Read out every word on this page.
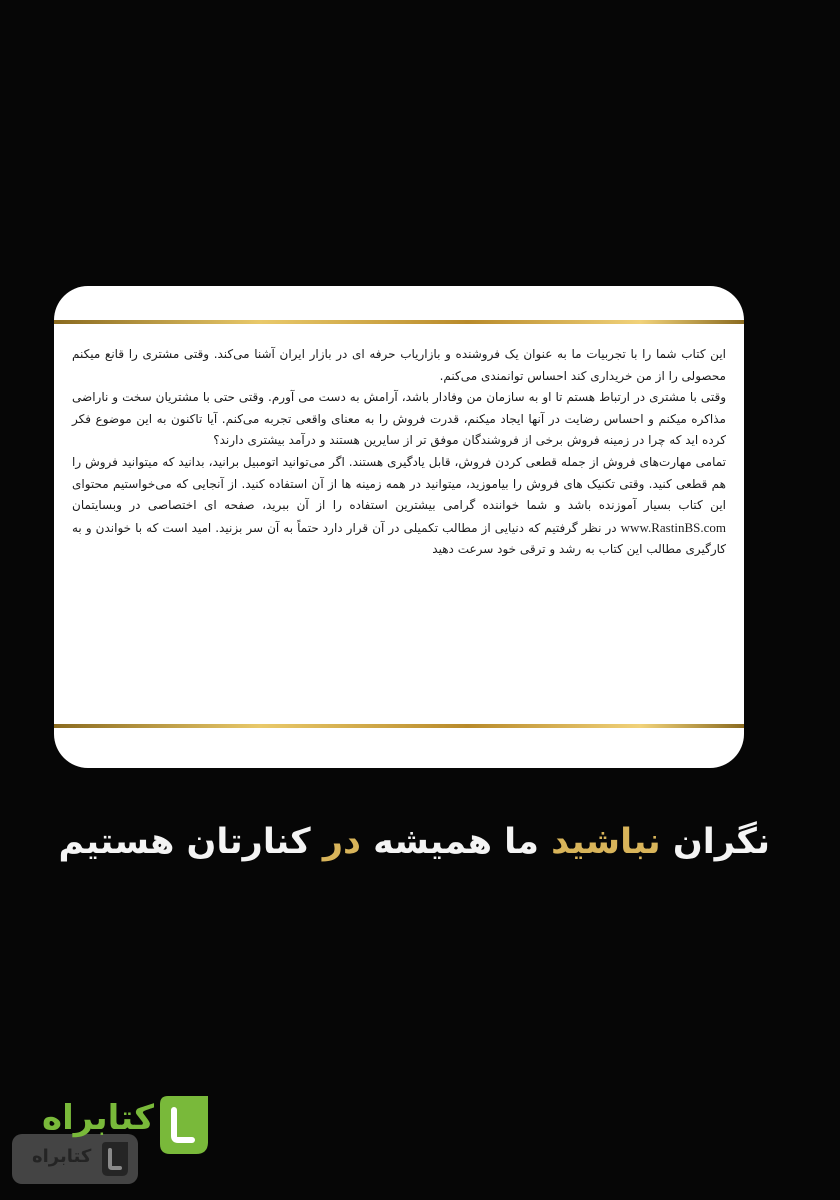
این کتاب شما را با تجربیات ما به عنوان یک فروشنده و بازاریاب حرفه ای در بازار ایران آشنا می‌کند. وقتی مشتری را قانع میکنم محصولی را از من خریداری کند احساس توانمندی می‌کنم.

وقتی با مشتری در ارتباط هستم تا او به سازمان من وفادار باشد، آرامش به دست می آورم. وقتی حتی با مشتریان سخت و ناراضی مذاکره میکنم و احساس رضایت در آنها ایجاد میکنم، قدرت فروش را به معنای واقعی تجربه می‌کنم. آیا تاکنون به این موضوع فکر کرده اید که چرا در زمینه فروش برخی از فروشندگان موفق تر از سایرین هستند و درآمد بیشتری دارند؟

تمامی مهارت‌های فروش از جمله قطعی کردن فروش، قابل یادگیری هستند. اگر می‌توانید اتومبیل برانید، بدانید که میتوانید فروش را هم قطعی کنید. وقتی تکنیک های فروش را بیاموزید، میتوانید در همه زمینه ها از آن استفاده کنید. از آنجایی که می‌خواستیم محتوای این کتاب بسیار آموزنده باشد و شما خواننده گرامی بیشترین استفاده را از آن ببرید، صفحه ای اختصاصی در وبسایتمان www.RastinBS.com در نظر گرفتیم که دنیایی از مطالب تکمیلی در آن قرار دارد حتماً به آن سر بزنید. امید است که با خواندن و به کارگیری مطالب این کتاب به رشد و ترقی خود سرعت دهید

نگران نباشید ما همیشه در کنارتان هستیم
کتابراه
کتابراه
